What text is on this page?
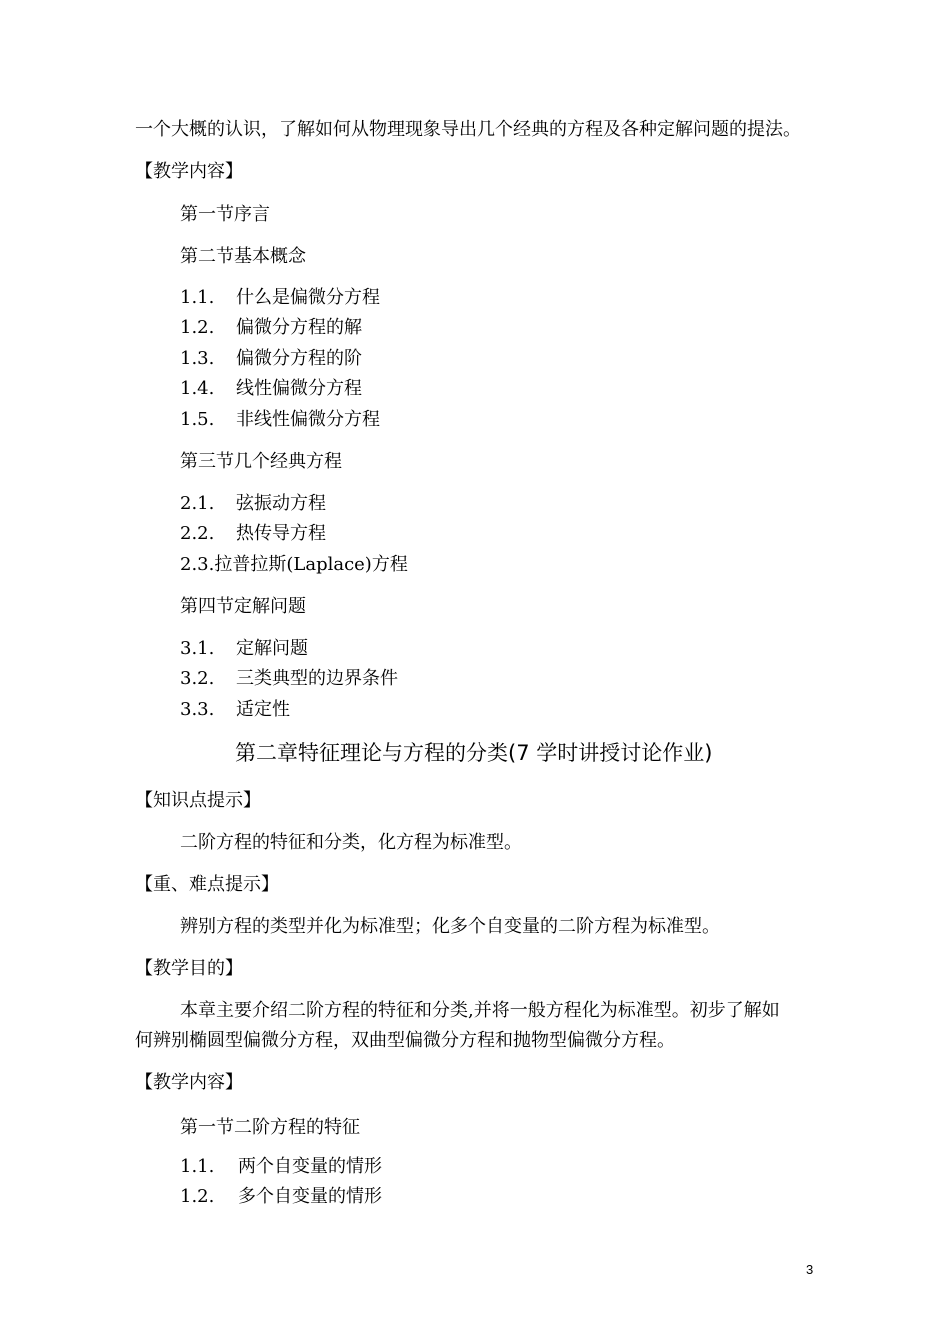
一个大概的认识，了解如何从物理现象导出几个经典的方程及各种定解问题的提法。
【教学内容】
第一节序言
第二节基本概念
1.1. 什么是偏微分方程
1.2. 偏微分方程的解
1.3. 偏微分方程的阶
1.4. 线性偏微分方程
1.5. 非线性偏微分方程
第三节几个经典方程
2.1. 弦振动方程
2.2. 热传导方程
2.3.拉普拉斯(Laplace)方程
第四节定解问题
3.1. 定解问题
3.2. 三类典型的边界条件
3.3. 适定性
第二章特征理论与方程的分类(7 学时讲授讨论作业)
【知识点提示】
二阶方程的特征和分类，化方程为标准型。
【重、难点提示】
辨别方程的类型并化为标准型；化多个自变量的二阶方程为标准型。
【教学目的】
本章主要介绍二阶方程的特征和分类,并将一般方程化为标准型。初步了解如
何辨别椭圆型偏微分方程，双曲型偏微分方程和抛物型偏微分方程。
【教学内容】
第一节二阶方程的特征
1.1. 两个自变量的情形
1.2. 多个自变量的情形
3
